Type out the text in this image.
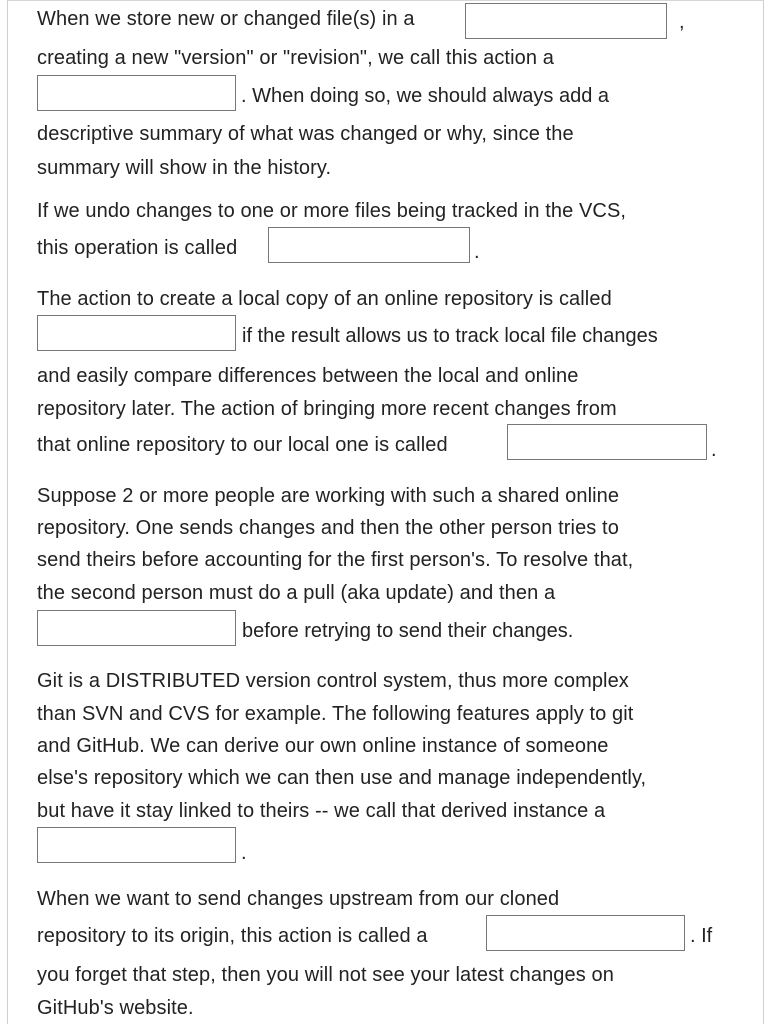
When we store new or changed file(s) in a	,
creating a new "version" or "revision", we call this action a
. When doing so, we should always add a
descriptive summary of what was changed or why, since the
summary will show in the history.
If we undo changes to one or more files being tracked in the VCS,
this operation is called	.
The action to create a local copy of an online repository is called
if the result allows us to track local file changes
and easily compare differences between the local and online
repository later. The action of bringing more recent changes from
that online repository to our local one is called	.
Suppose 2 or more people are working with such a shared online
repository. One sends changes and then the other person tries to
send theirs before accounting for the first person's. To resolve that,
the second person must do a pull (aka update) and then a
before retrying to send their changes.
Git is a DISTRIBUTED version control system, thus more complex
than SVN and CVS for example. The following features apply to git
and GitHub. We can derive our own online instance of someone
else's repository which we can then use and manage independently,
but have it stay linked to theirs -- we call that derived instance a
.
When we want to send changes upstream from our cloned
repository to its origin, this action is called a	. If
you forget that step, then you will not see your latest changes on
GitHub's website.
